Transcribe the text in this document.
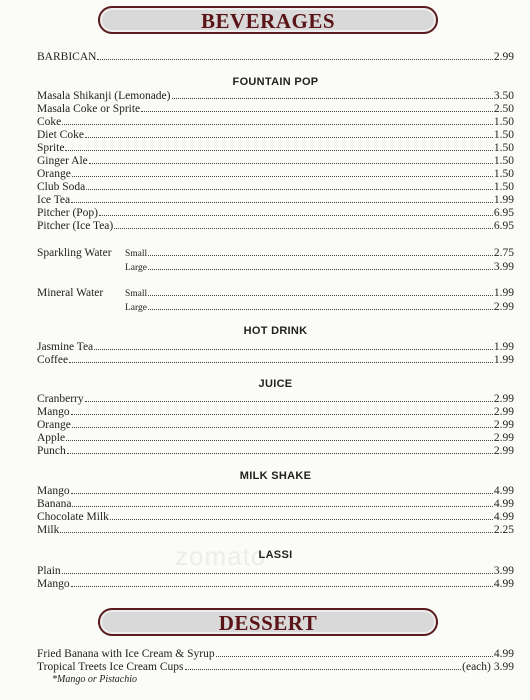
BEVERAGES
BARBICAN	2.99
FOUNTAIN POP
Masala Shikanji (Lemonade)	3.50
Masala Coke or Sprite	2.50
Coke	1.50
Diet Coke	1.50
Sprite	1.50
Ginger Ale	1.50
Orange	1.50
Club Soda	1.50
Ice Tea	1.99
Pitcher (Pop)	6.95
Pitcher (Ice Tea)	6.95
Sparkling Water	Small	2.75
Large	3.99
Mineral Water	Small	1.99
Large	2.99
HOT DRINK
Jasmine Tea	1.99
Coffee	1.99
JUICE
Cranberry	2.99
Mango	2.99
Orange	2.99
Apple	2.99
Punch	2.99
MILK SHAKE
Mango	4.99
Banana	4.99
Chocolate Milk	4.99
Milk	2.25
zomato
LASSI
Plain	3.99
Mango	4.99
DESSERT
Fried Banana with Ice Cream & Syrup	4.99
Tropical Treets Ice Cream Cups	(each) 3.99
*Mango or Pistachio
